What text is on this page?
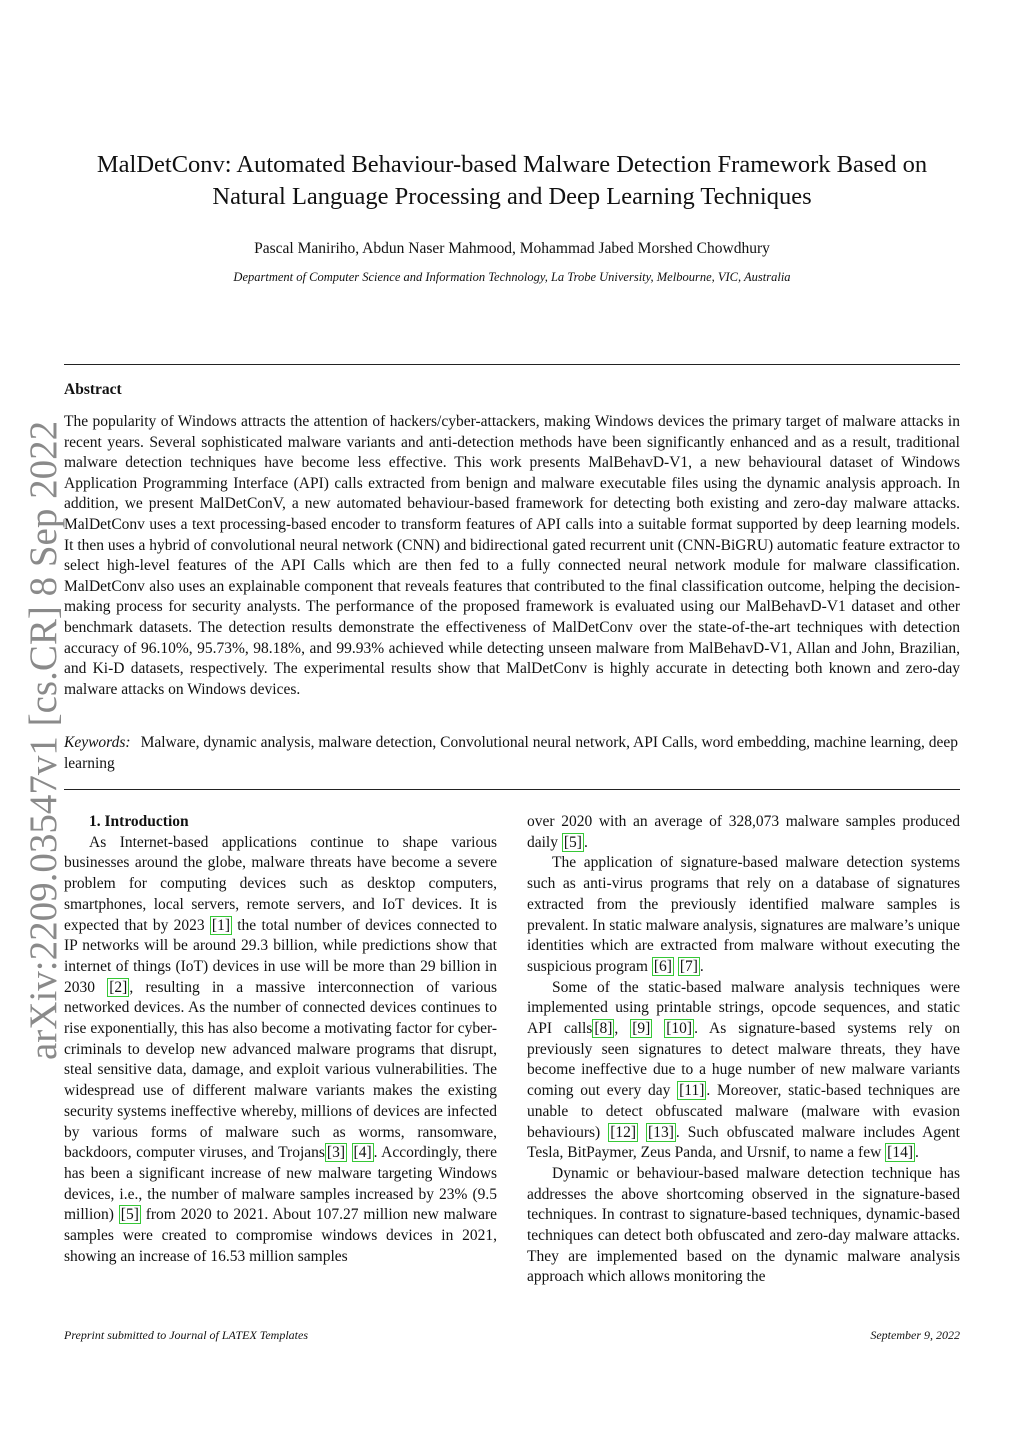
arXiv:2209.03547v1 [cs.CR] 8 Sep 2022
MalDetConv: Automated Behaviour-based Malware Detection Framework Based on
Natural Language Processing and Deep Learning Techniques
Pascal Maniriho, Abdun Naser Mahmood, Mohammad Jabed Morshed Chowdhury
Department of Computer Science and Information Technology, La Trobe University, Melbourne, VIC, Australia
Abstract

The popularity of Windows attracts the attention of hackers/cyber-attackers, making Windows devices the primary target of malware attacks in recent years. Several sophisticated malware variants and anti-detection methods have been significantly enhanced and as a result, traditional malware detection techniques have become less effective. This work presents MalBehavD-V1, a new behavioural dataset of Windows Application Programming Interface (API) calls extracted from benign and malware executable files using the dynamic analysis approach. In addition, we present MalDetConV, a new automated behaviour-based framework for detecting both existing and zero-day malware attacks. MalDetConv uses a text processing-based encoder to transform features of API calls into a suitable format supported by deep learning models. It then uses a hybrid of convolutional neural network (CNN) and bidirectional gated recurrent unit (CNN-BiGRU) automatic feature extractor to select high-level features of the API Calls which are then fed to a fully connected neural network module for malware classification. MalDetConv also uses an explainable component that reveals features that contributed to the final classification outcome, helping the decision-making process for security analysts. The performance of the proposed framework is evaluated using our MalBehavD-V1 dataset and other benchmark datasets. The detection results demonstrate the effectiveness of MalDetConv over the state-of-the-art techniques with detection accuracy of 96.10%, 95.73%, 98.18%, and 99.93% achieved while detecting unseen malware from MalBehavD-V1, Allan and John, Brazilian, and Ki-D datasets, respectively. The experimental results show that MalDetConv is highly accurate in detecting both known and zero-day malware attacks on Windows devices.

Keywords: Malware, dynamic analysis, malware detection, Convolutional neural network, API Calls, word embedding, machine learning, deep learning

1. Introduction

As Internet-based applications continue to shape various businesses around the globe, malware threats have become a severe problem for computing devices such as desktop computers, smartphones, local servers, remote servers, and IoT devices. It is expected that by 2023 [1] the total number of devices connected to IP networks will be around 29.3 billion, while predictions show that internet of things (IoT) devices in use will be more than 29 billion in 2030 [2] , resulting in a massive interconnection of various networked devices. As the number of connected devices continues to rise exponentially, this has also become a motivating factor for cyber-criminals to develop new advanced malware programs that disrupt, steal sensitive data, damage, and exploit various vulnerabilities. The widespread use of different malware variants makes the existing security systems ineffective whereby, millions of devices are infected by various forms of malware such as worms, ransomware, backdoors, computer viruses, and Trojans [3] [4] . Accordingly, there has been a significant increase of new malware targeting Windows devices, i.e., the number of malware samples increased by 23% (9.5 million) [5] from 2020 to 2021. About 107.27 million new malware samples were created to compromise windows devices in 2021, showing an increase of 16.53 million samples

over 2020 with an average of 328,073 malware samples produced daily [5] .

The application of signature-based malware detection systems such as anti-virus programs that rely on a database of signatures extracted from the previously identified malware samples is prevalent. In static malware analysis, signatures are malware’s unique identities which are extracted from malware without executing the suspicious program [6] [7] .

Some of the static-based malware analysis techniques were implemented using printable strings, opcode sequences, and static API calls [8] , [9] [10] . As signature-based systems rely on previously seen signatures to detect malware threats, they have become ineffective due to a huge number of new malware variants coming out every day [11] . Moreover, static-based techniques are unable to detect obfuscated malware (malware with evasion behaviours) [12] [13] . Such obfuscated malware includes Agent Tesla, BitPaymer, Zeus Panda, and Ursnif, to name a few [14] .

Dynamic or behaviour-based malware detection technique has addresses the above shortcoming observed in the signature-based techniques. In contrast to signature-based techniques, dynamic-based techniques can detect both obfuscated and zero-day malware attacks. They are implemented based on the dynamic malware analysis approach which allows monitoring the

Preprint submitted to Journal of LATEX Templates	September 9, 2022
